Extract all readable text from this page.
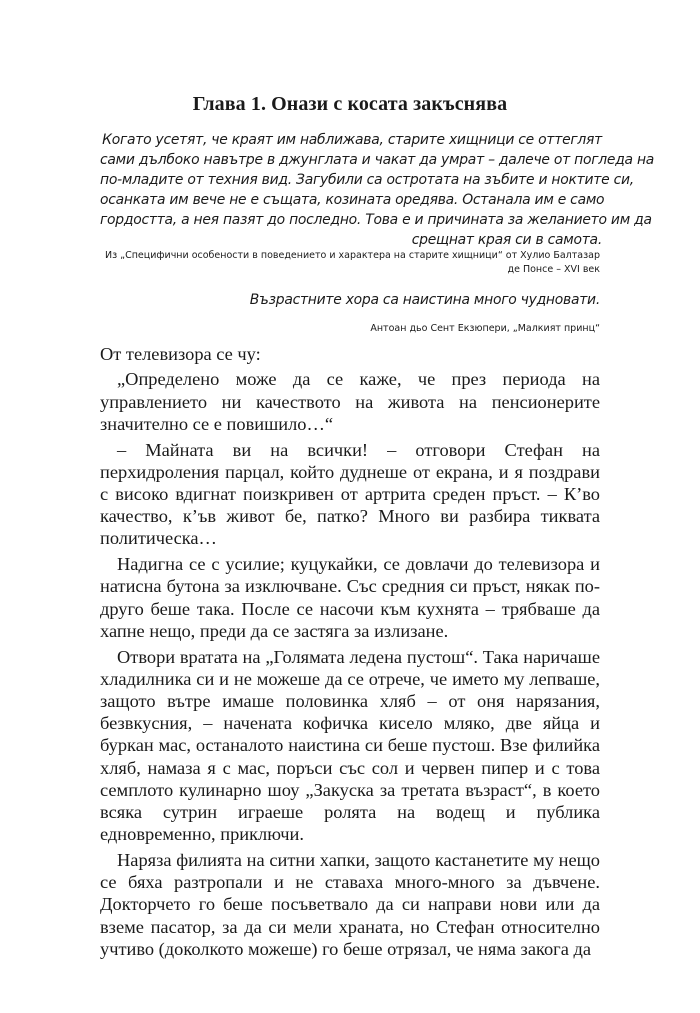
Глава 1. Онази с косата закъснява
Когато усетят, че краят им наближава, старите хищници се оттеглят
сами дълбоко навътре в джунглата и чакат да умрат – далече от погледа на
по-младите от техния вид. Загубили са остротата на зъбите и ноктите си,
осанката им вече не е същата, козината оредява. Останала им е само
гордостта, а нея пазят до последно. Това е и причината за желанието им да
срещнат края си в самота.

Из „Специфични особености в поведението и характера на старите хищници“ от Хулио Балтазар

де Понсе – XVI век

Възрастните хора са наистина много чудновати.

Антоан дьо Сент Екзюпери, „Малкият принц“

От телевизора се чу:

„Определено може да се каже, че през периода на управлението ни качеството на живота на пенсионерите значително се е повишило…“

– Майната ви на всички! – отговори Стефан на перхидроления парцал, който дуднеше от екрана, и я поздрави с високо вдигнат поизкривен от артрита среден пръст. – К’во качество, к’ъв живот бе, патко? Много ви разбира тиквата политическа…

Надигна се с усилие; куцукайки, се довлачи до телевизора и натисна бутона за изключване. Със средния си пръст, някак по-друго беше така. После се насочи към кухнята – трябваше да хапне нещо, преди да се застяга за излизане.

Отвори вратата на „Голямата ледена пустош“. Така наричаше хладилника си и не можеше да се отрече, че името му лепваше, защото вътре имаше половинка хляб – от оня нарязания, безвкусния, – начената кофичка кисело мляко, две яйца и буркан мас, останалото наистина си беше пустош. Взе филийка хляб, намаза я с мас, поръси със сол и червен пипер и с това семплото кулинарно шоу „Закуска за третата възраст“, в което всяка сутрин играеше ролята на водещ и публика едновременно, приключи.

Наряза филията на ситни хапки, защото кастанетите му нещо се бяха разтропали и не ставаха много-много за дъвчене. Докторчето го беше посъветвало да си направи нови или да вземе пасатор, за да си мели храната, но Стефан относително учтиво (доколкото можеше) го беше отрязал, че няма закога да
